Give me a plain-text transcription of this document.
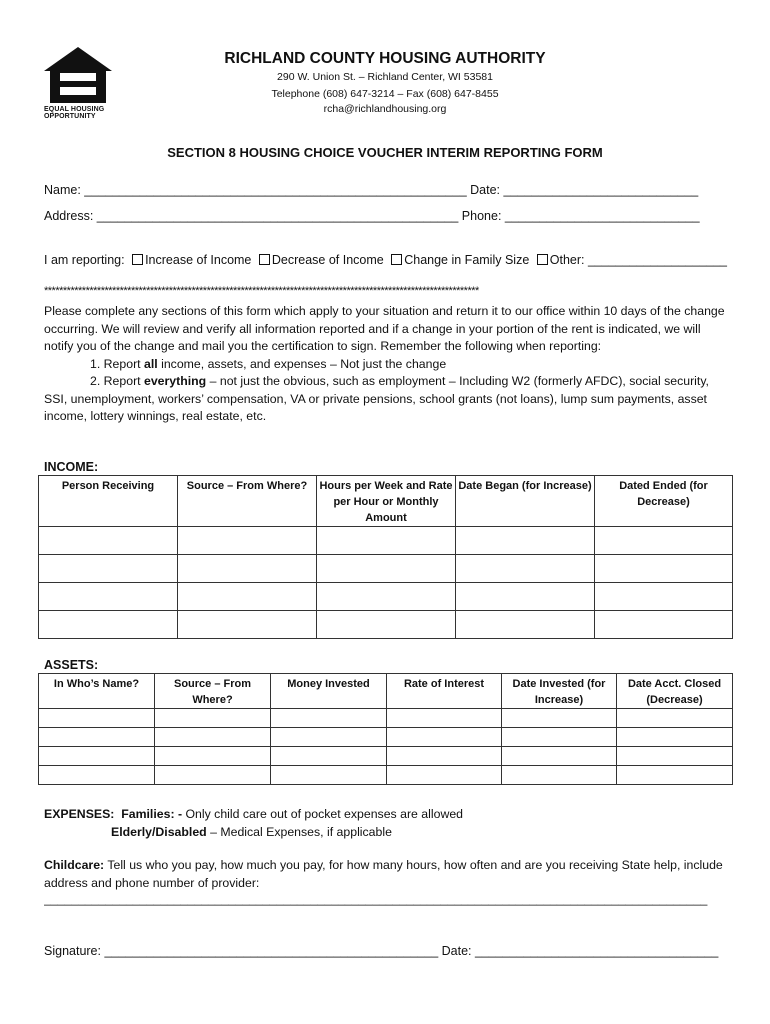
EQUAL HOUSING
OPPORTUNITY
RICHLAND COUNTY HOUSING AUTHORITY
290 W. Union St. – Richland Center, WI 53581
Telephone (608) 647-3214 – Fax (608) 647-8455
rcha@richlandhousing.org
SECTION 8 HOUSING CHOICE VOUCHER INTERIM REPORTING FORM
Name: _______________________________________________________ Date: ____________________________
Address: ____________________________________________________ Phone: ____________________________
I am reporting: Increase of Income Decrease of Income Change in Family Size Other: ____________________
*******************************************************************************************************************
Please complete any sections of this form which apply to your situation and return it to our office within 10 days of the change occurring. We will review and verify all information reported and if a change in your portion of the rent is indicated, we will notify you of the change and mail you the certification to sign. Remember the following when reporting:
1. Report all income, assets, and expenses – Not just the change
2. Report everything – not just the obvious, such as employment – Including W2 (formerly AFDC), social security,
SSI, unemployment, workers’ compensation, VA or private pensions, school grants (not loans), lump sum payments, asset income, lottery winnings, real estate, etc.
INCOME:
Person Receiving	Source – From Where?	Hours per Week and Rate per Hour or Monthly Amount	Date Began (for Increase)	Dated Ended (for Decrease)

ASSETS:
In Who’s Name?	Source – From Where?	Money Invested	Rate of Interest	Date Invested (for Increase)	Date Acct. Closed (Decrease)

EXPENSES: Families: - Only child care out of pocket expenses are allowed
Elderly/Disabled – Medical Expenses, if applicable
Childcare: Tell us who you pay, how much you pay, for how many hours, how often and are you receiving State help, include address and phone number of provider:
_________________________________________________________________________________________________
Signature: ________________________________________________ Date: ___________________________________
